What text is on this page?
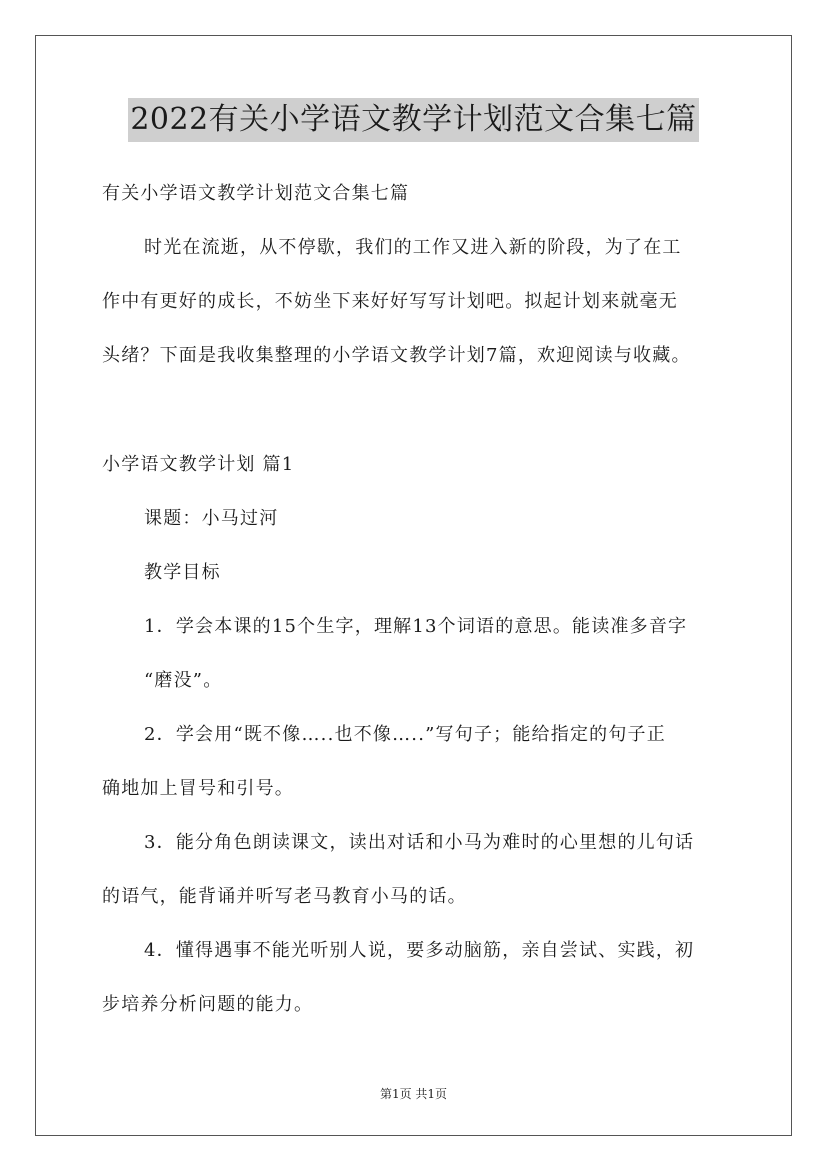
2022有关小学语文教学计划范文合集七篇
有关小学语文教学计划范文合集七篇
时光在流逝，从不停歇，我们的工作又进入新的阶段，为了在工
作中有更好的成长，不妨坐下来好好写写计划吧。拟起计划来就毫无
头绪？下面是我收集整理的小学语文教学计划7篇，欢迎阅读与收藏。
小学语文教学计划 篇1
课题：小马过河
教学目标
1．学会本课的15个生字，理解13个词语的意思。能读准多音字
“磨没”。
2．学会用“既不像…..也不像…..”写句子；能给指定的句子正
确地加上冒号和引号。
3．能分角色朗读课文，读出对话和小马为难时的心里想的儿句话
的语气，能背诵并听写老马教育小马的话。
4．懂得遇事不能光听别人说，要多动脑筋，亲自尝试、实践，初
步培养分析问题的能力。
第1页 共1页
